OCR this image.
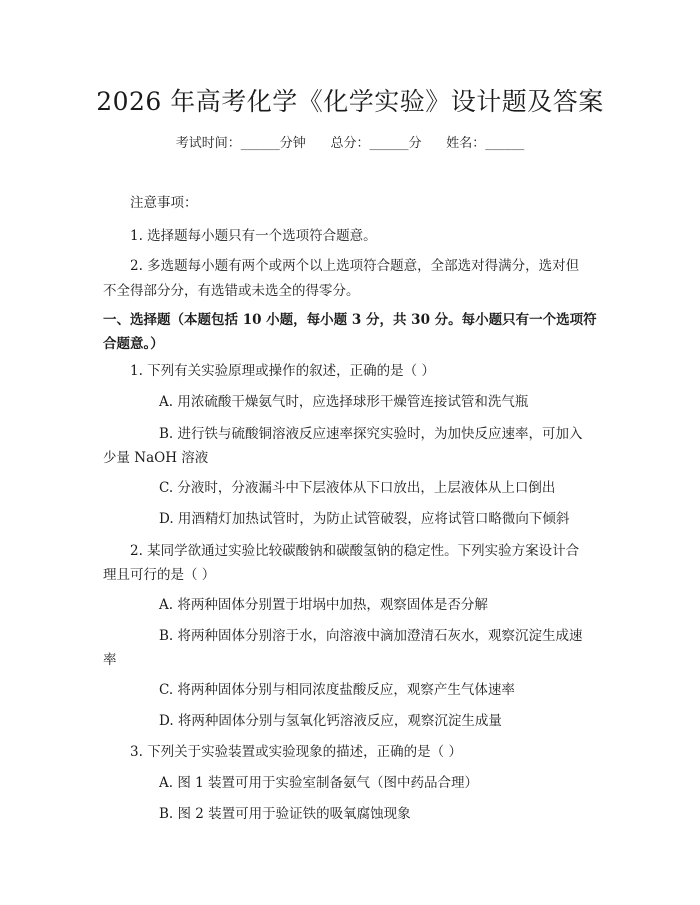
2026 年高考化学《化学实验》设计题及答案
考试时间：______分钟      总分：______分      姓名：______
注意事项：
1. 选择题每小题只有一个选项符合题意。
2. 多选题每小题有两个或两个以上选项符合题意，全部选对得满分，选对但
不全得部分分，有选错或未选全的得零分。
一、选择题（本题包括 10 小题，每小题 3 分，共 30 分。每小题只有一个选项符
合题意。）
1. 下列有关实验原理或操作的叙述，正确的是（ ）
A. 用浓硫酸干燥氨气时，应选择球形干燥管连接试管和洗气瓶
B. 进行铁与硫酸铜溶液反应速率探究实验时，为加快反应速率，可加入
少量 NaOH 溶液
C. 分液时，分液漏斗中下层液体从下口放出，上层液体从上口倒出
D. 用酒精灯加热试管时，为防止试管破裂，应将试管口略微向下倾斜
2. 某同学欲通过实验比较碳酸钠和碳酸氢钠的稳定性。下列实验方案设计合
理且可行的是（ ）
A. 将两种固体分别置于坩埚中加热，观察固体是否分解
B. 将两种固体分别溶于水，向溶液中滴加澄清石灰水，观察沉淀生成速
率
C. 将两种固体分别与相同浓度盐酸反应，观察产生气体速率
D. 将两种固体分别与氢氧化钙溶液反应，观察沉淀生成量
3. 下列关于实验装置或实验现象的描述，正确的是（ ）
A. 图 1 装置可用于实验室制备氨气（图中药品合理）
B. 图 2 装置可用于验证铁的吸氧腐蚀现象
